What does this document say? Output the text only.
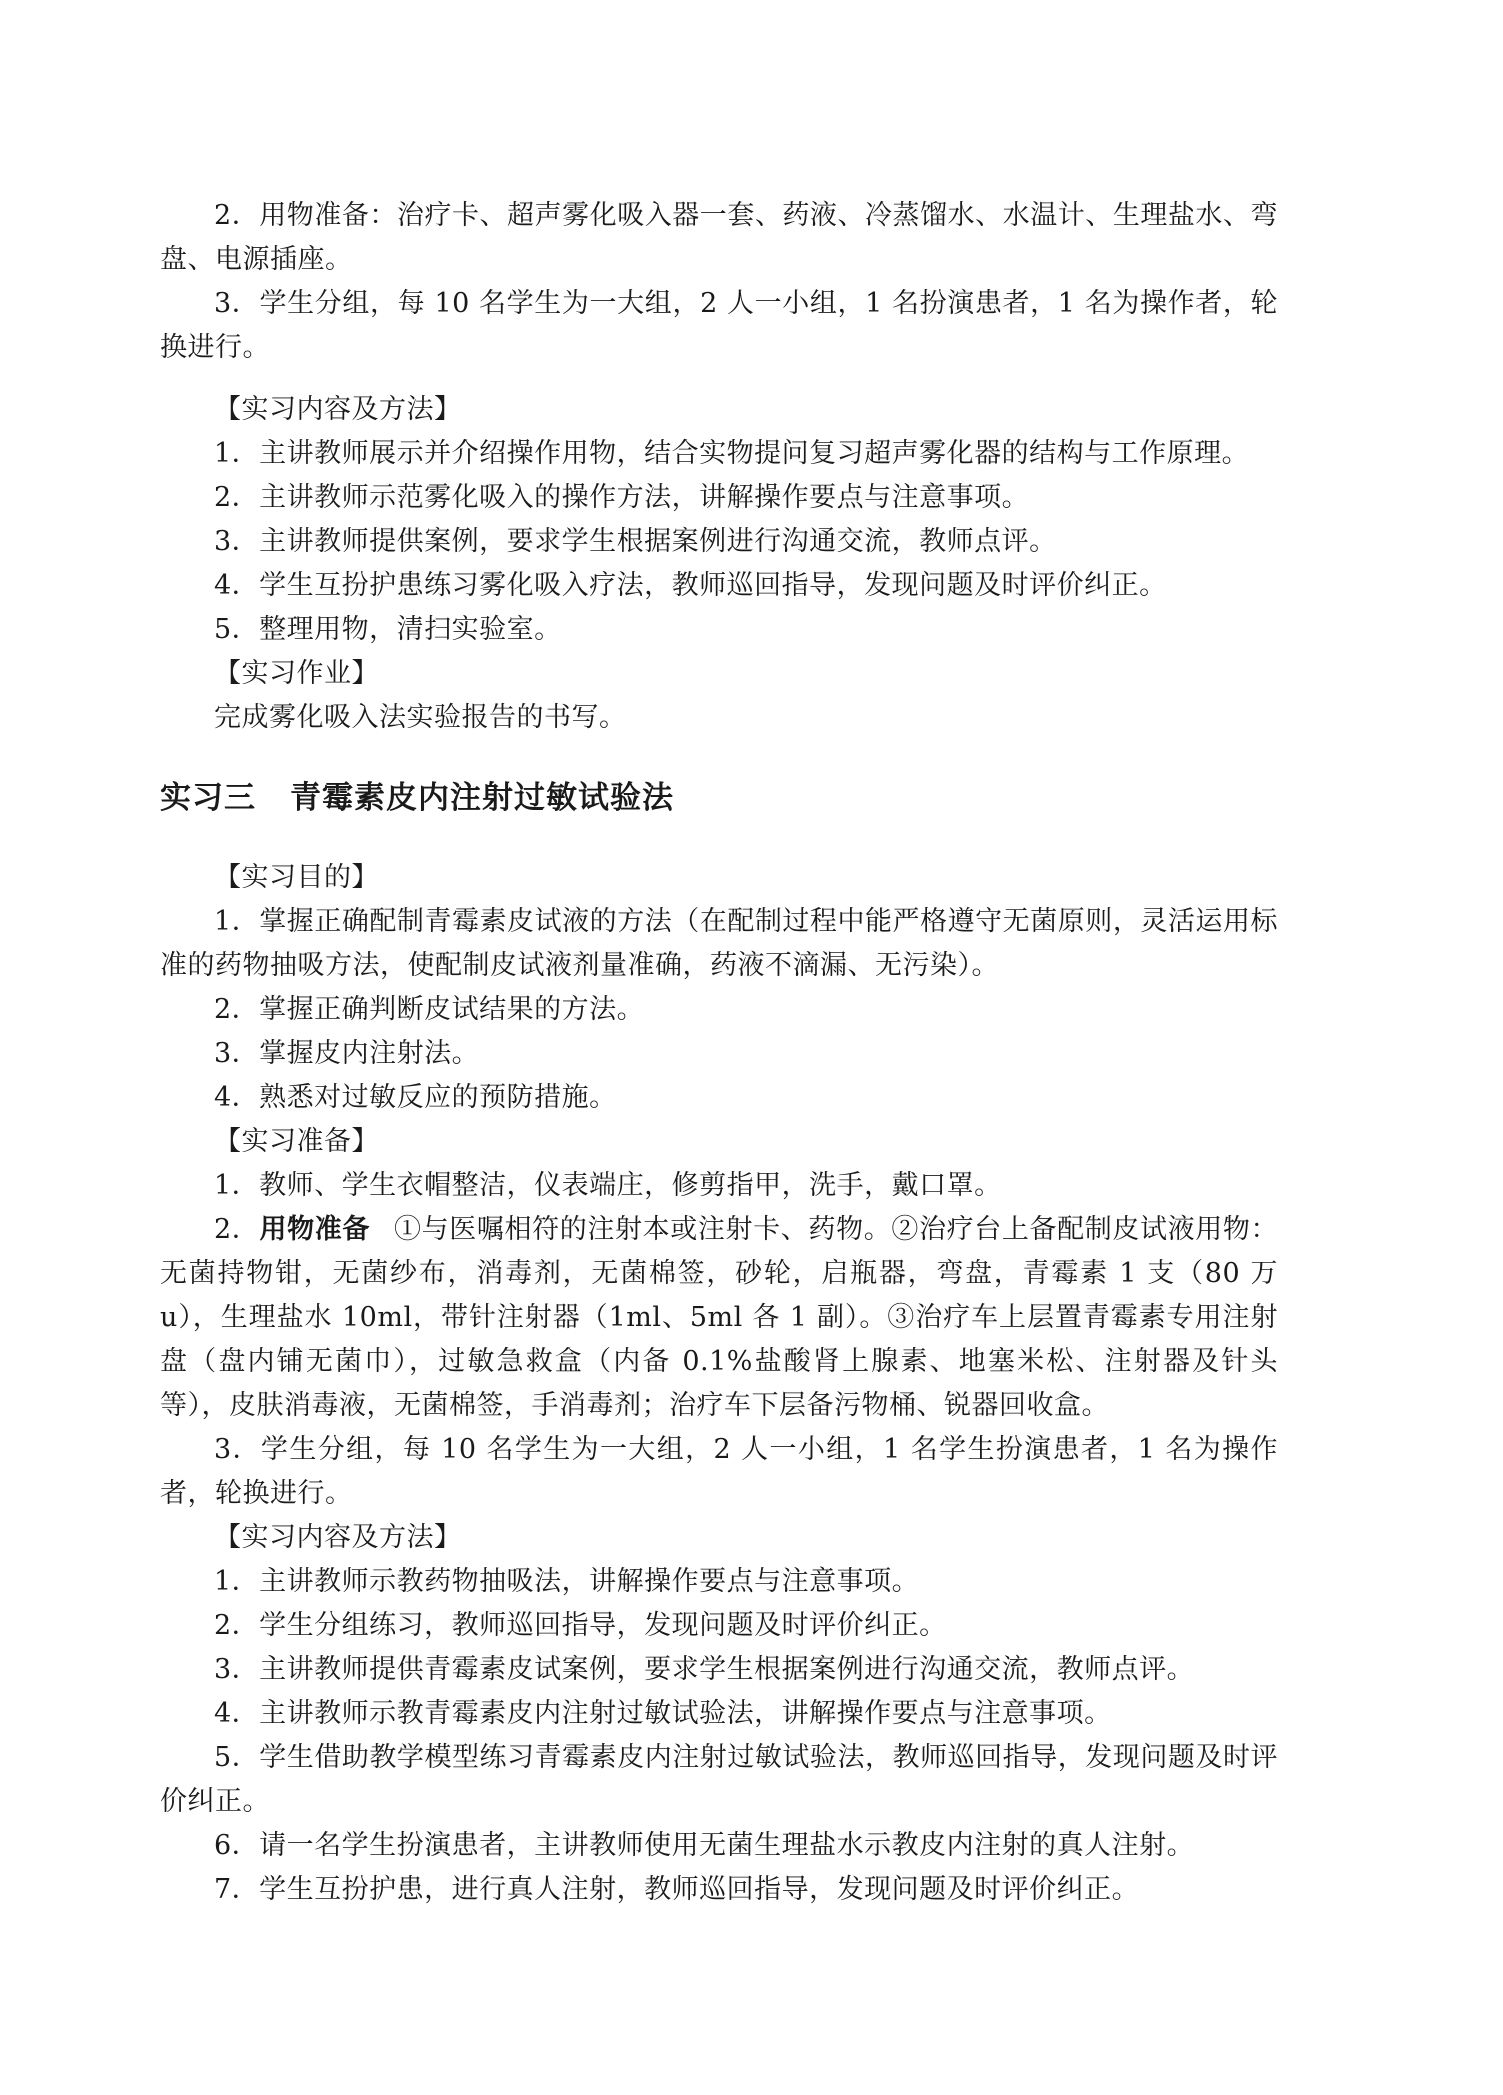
2．用物准备：治疗卡、超声雾化吸入器一套、药液、冷蒸馏水、水温计、生理盐水、弯盘、电源插座。

3．学生分组，每 10 名学生为一大组，2 人一小组，1 名扮演患者，1 名为操作者，轮换进行。

【实习内容及方法】

1．主讲教师展示并介绍操作用物，结合实物提问复习超声雾化器的结构与工作原理。

2．主讲教师示范雾化吸入的操作方法，讲解操作要点与注意事项。

3．主讲教师提供案例，要求学生根据案例进行沟通交流，教师点评。

4．学生互扮护患练习雾化吸入疗法，教师巡回指导，发现问题及时评价纠正。

5．整理用物，清扫实验室。

【实习作业】

完成雾化吸入法实验报告的书写。

实习三 青霉素皮内注射过敏试验法

【实习目的】

1．掌握正确配制青霉素皮试液的方法（在配制过程中能严格遵守无菌原则，灵活运用标准的药物抽吸方法，使配制皮试液剂量准确，药液不滴漏、无污染）。

2．掌握正确判断皮试结果的方法。

3．掌握皮内注射法。

4．熟悉对过敏反应的预防措施。

【实习准备】

1．教师、学生衣帽整洁，仪表端庄，修剪指甲，洗手，戴口罩。

2．用物准备 ①与医嘱相符的注射本或注射卡、药物。②治疗台上备配制皮试液用物：无菌持物钳，无菌纱布，消毒剂，无菌棉签，砂轮，启瓶器，弯盘，青霉素 1 支（80 万 u），生理盐水 10ml，带针注射器（1ml、5ml 各 1 副）。③治疗车上层置青霉素专用注射盘（盘内铺无菌巾），过敏急救盒（内备 0.1%盐酸肾上腺素、地塞米松、注射器及针头等），皮肤消毒液，无菌棉签，手消毒剂；治疗车下层备污物桶、锐器回收盒。

3．学生分组，每 10 名学生为一大组，2 人一小组，1 名学生扮演患者，1 名为操作者，轮换进行。

【实习内容及方法】

1．主讲教师示教药物抽吸法，讲解操作要点与注意事项。

2．学生分组练习，教师巡回指导，发现问题及时评价纠正。

3．主讲教师提供青霉素皮试案例，要求学生根据案例进行沟通交流，教师点评。

4．主讲教师示教青霉素皮内注射过敏试验法，讲解操作要点与注意事项。

5．学生借助教学模型练习青霉素皮内注射过敏试验法，教师巡回指导，发现问题及时评价纠正。

6．请一名学生扮演患者，主讲教师使用无菌生理盐水示教皮内注射的真人注射。

7．学生互扮护患，进行真人注射，教师巡回指导，发现问题及时评价纠正。
